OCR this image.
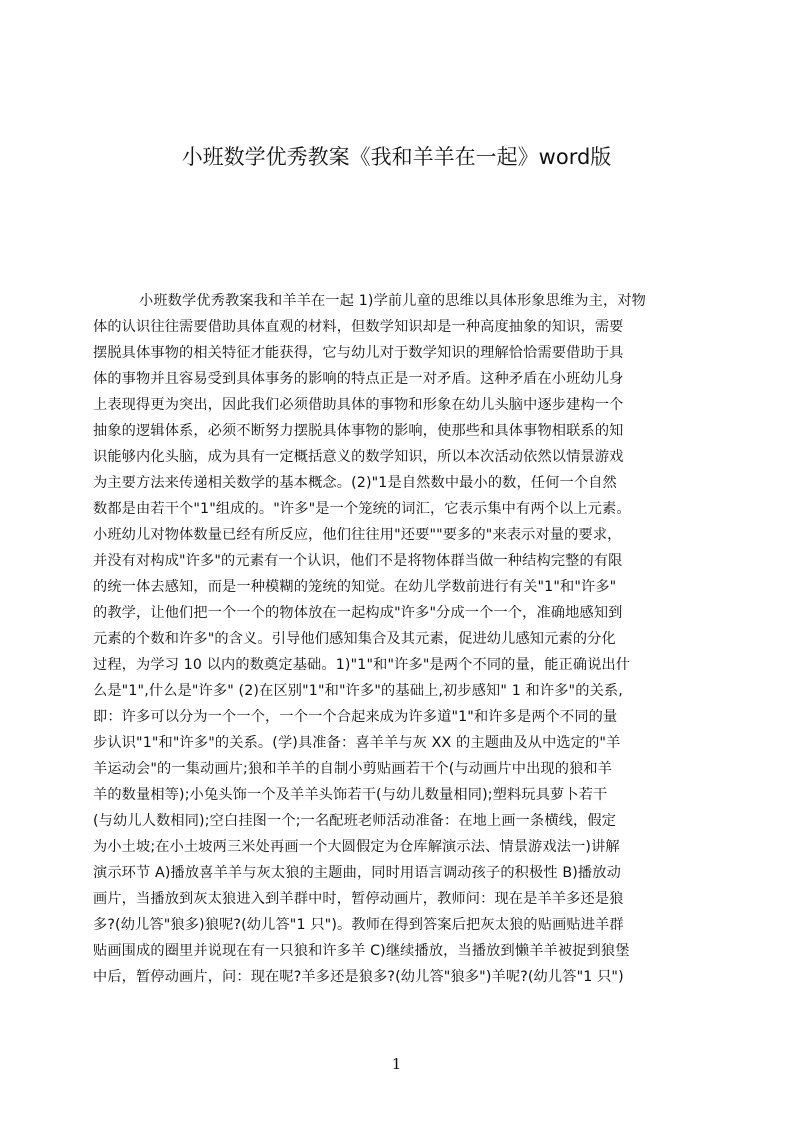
小班数学优秀教案《我和羊羊在一起》word版
小班数学优秀教案我和羊羊在一起 1)学前儿童的思维以具体形象思维为主，对物
体的认识往往需要借助具体直观的材料，但数学知识却是一种高度抽象的知识，需要
摆脱具体事物的相关特征才能获得，它与幼儿对于数学知识的理解恰恰需要借助于具
体的事物并且容易受到具体事务的影响的特点正是一对矛盾。这种矛盾在小班幼儿身
上表现得更为突出，因此我们必须借助具体的事物和形象在幼儿头脑中逐步建构一个
抽象的逻辑体系，必须不断努力摆脱具体事物的影响，使那些和具体事物相联系的知
识能够内化头脑，成为具有一定概括意义的数学知识，所以本次活动依然以情景游戏
为主要方法来传递相关数学的基本概念。(2)"1是自然数中最小的数，任何一个自然
数都是由若干个"1"组成的。"许多"是一个笼统的词汇，它表示集中有两个以上元素。
小班幼儿对物体数量已经有所反应，他们往往用"还要""要多的"来表示对量的要求，
并没有对构成"许多"的元素有一个认识，他们不是将物体群当做一种结构完整的有限
的统一体去感知，而是一种模糊的笼统的知觉。在幼儿学数前进行有关"1"和"许多"
的教学，让他们把一个一个的物体放在一起构成"许多"分成一个一个，准确地感知到
元素的个数和许多"的含义。引导他们感知集合及其元素，促进幼儿感知元素的分化
过程，为学习 10 以内的数奠定基础。1)"1"和"许多"是两个不同的量，能正确说出什
么是"1",什么是"许多" (2)在区别"1"和"许多"的基础上,初步感知" 1 和许多"的关系,
即：许多可以分为一个一个，一个一个合起来成为许多道"1"和许多是两个不同的量
步认识"1"和"许多"的关系。(学)具准备：喜羊羊与灰 XX 的主题曲及从中选定的"羊
羊运动会"的一集动画片;狼和羊羊的自制小剪贴画若干个(与动画片中出现的狼和羊
羊的数量相等);小兔头饰一个及羊羊头饰若干(与幼儿数量相同);塑料玩具萝卜若干
(与幼儿人数相同);空白挂图一个;一名配班老师活动准备：在地上画一条横线，假定
为小土坡;在小土坡两三米处再画一个大圆假定为仓库解演示法、情景游戏法一)讲解
演示环节 A)播放喜羊羊与灰太狼的主题曲，同时用语言调动孩子的积极性 B)播放动
画片，当播放到灰太狼进入到羊群中时，暂停动画片，教师问：现在是羊羊多还是狼
多?(幼儿答"狼多)狼呢?(幼儿答"1 只")。教师在得到答案后把灰太狼的贴画贴进羊群
贴画围成的圈里并说现在有一只狼和许多羊 C)继续播放，当播放到懒羊羊被捉到狼堡
中后，暂停动画片，问：现在呢?羊多还是狼多?(幼儿答"狼多")羊呢?(幼儿答"1 只")
1
